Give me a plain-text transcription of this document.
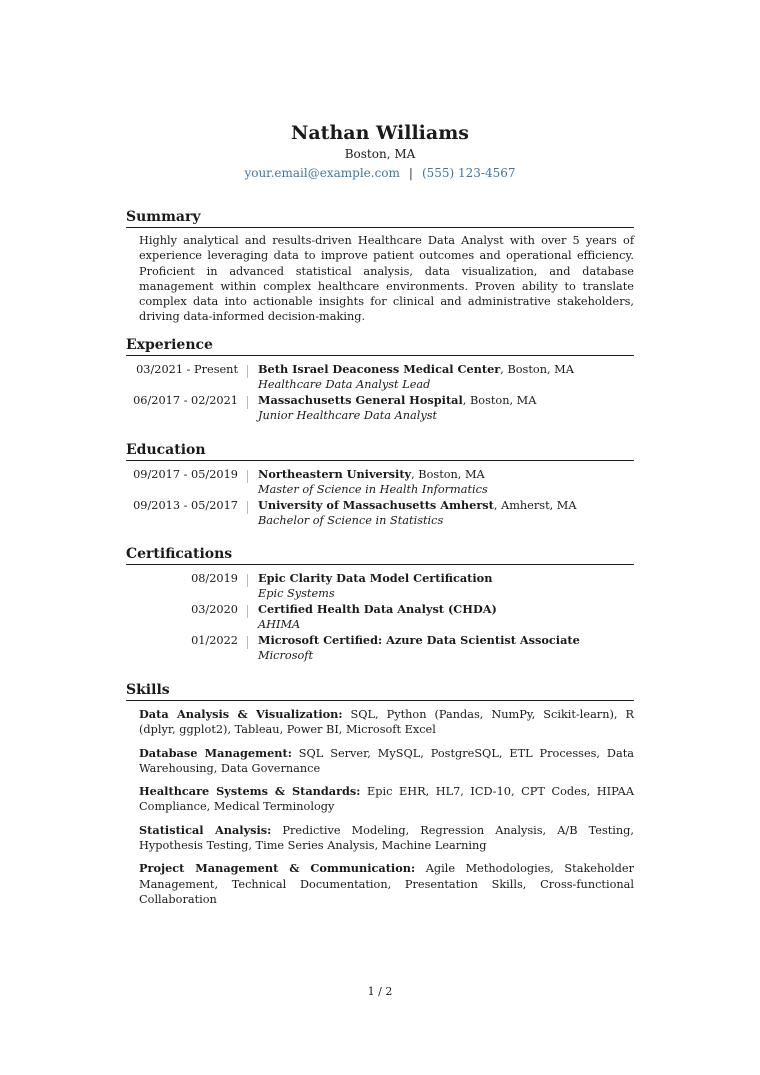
Nathan Williams
Boston, MA
your.email@example.com | (555) 123-4567
Summary
Highly analytical and results-driven Healthcare Data Analyst with over 5 years of experience leveraging data to improve patient outcomes and operational efficiency. Proficient in advanced statistical analysis, data visualization, and database management within complex healthcare environments. Proven ability to translate complex data into actionable insights for clinical and administrative stakeholders, driving data-informed decision-making.
Experience
03/2021 - Present Beth Israel Deaconess Medical Center, Boston, MA
Healthcare Data Analyst Lead
06/2017 - 02/2021 Massachusetts General Hospital, Boston, MA
Junior Healthcare Data Analyst
Education
09/2017 - 05/2019 Northeastern University, Boston, MA
Master of Science in Health Informatics
09/2013 - 05/2017 University of Massachusetts Amherst, Amherst, MA
Bachelor of Science in Statistics
Certifications
08/2019 Epic Clarity Data Model Certification
Epic Systems
03/2020 Certified Health Data Analyst (CHDA)
AHIMA
01/2022 Microsoft Certified: Azure Data Scientist Associate
Microsoft
Skills
Data Analysis & Visualization: SQL, Python (Pandas, NumPy, Scikit-learn), R (dplyr, ggplot2), Tableau, Power BI, Microsoft Excel
Database Management: SQL Server, MySQL, PostgreSQL, ETL Processes, Data Warehousing, Data Governance
Healthcare Systems & Standards: Epic EHR, HL7, ICD-10, CPT Codes, HIPAA Compliance, Medical Terminology
Statistical Analysis: Predictive Modeling, Regression Analysis, A/B Testing, Hypothesis Testing, Time Series Analysis, Machine Learning
Project Management & Communication: Agile Methodologies, Stakeholder Management, Technical Documentation, Presentation Skills, Cross-functional Collaboration
1 / 2
